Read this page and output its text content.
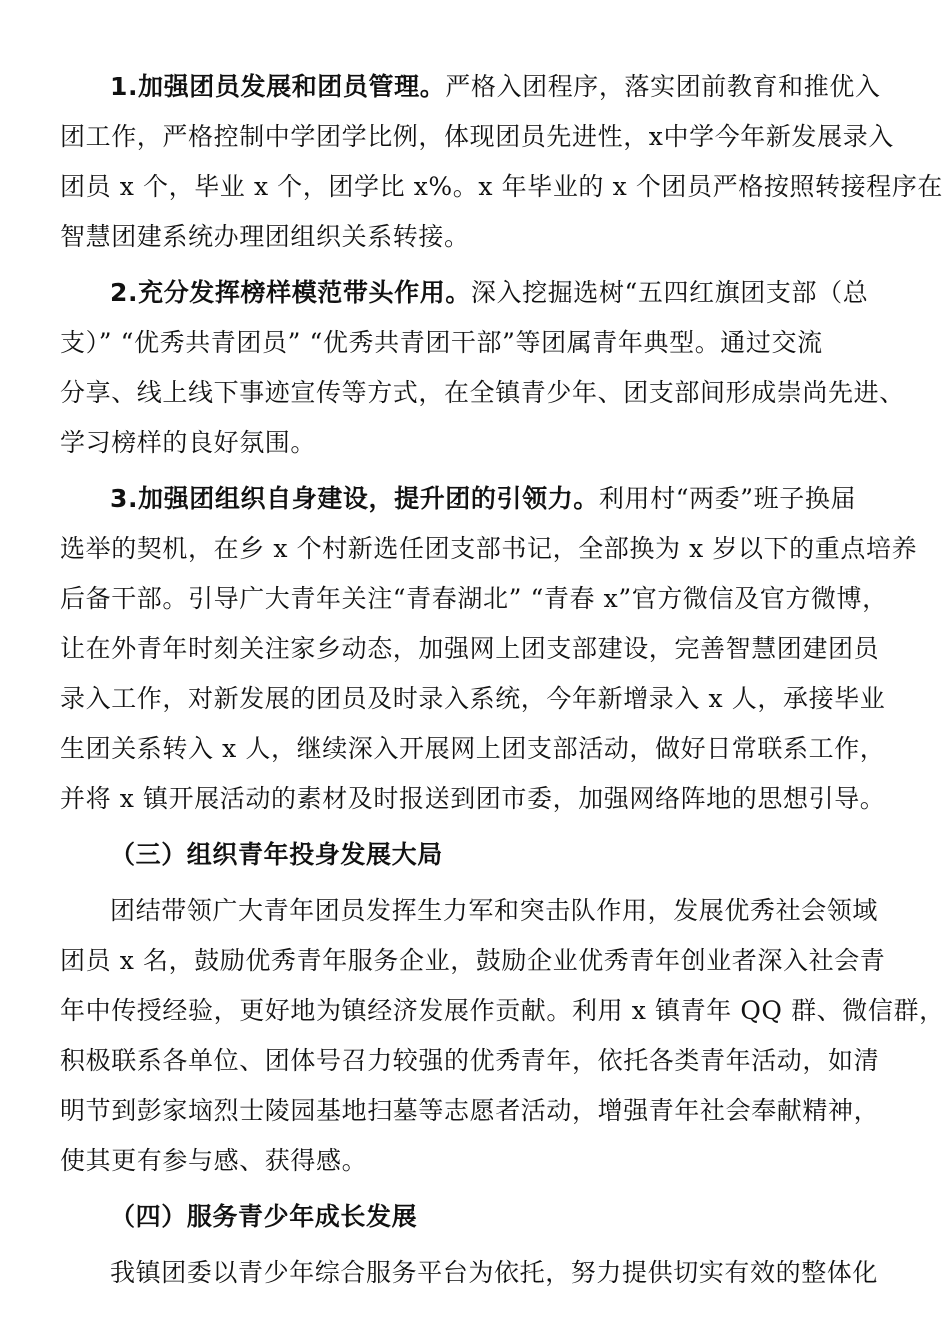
1.加强团员发展和团员管理。严格入团程序，落实团前教育和推优入
团工作，严格控制中学团学比例，体现团员先进性，x中学今年新发展录入
团员 x 个，毕业 x 个，团学比 x%。x 年毕业的 x 个团员严格按照转接程序在
智慧团建系统办理团组织关系转接。
2.充分发挥榜样模范带头作用。深入挖掘选树“五四红旗团支部（总
支）” “优秀共青团员” “优秀共青团干部”等团属青年典型。通过交流
分享、线上线下事迹宣传等方式，在全镇青少年、团支部间形成崇尚先进、
学习榜样的良好氛围。
3.加强团组织自身建设，提升团的引领力。利用村“两委”班子换届
选举的契机，在乡 x 个村新选任团支部书记，全部换为 x 岁以下的重点培养
后备干部。引导广大青年关注“青春湖北” “青春 x”官方微信及官方微博，
让在外青年时刻关注家乡动态，加强网上团支部建设，完善智慧团建团员
录入工作，对新发展的团员及时录入系统，今年新增录入 x 人，承接毕业
生团关系转入 x 人，继续深入开展网上团支部活动，做好日常联系工作，
并将 x 镇开展活动的素材及时报送到团市委，加强网络阵地的思想引导。
（三）组织青年投身发展大局
团结带领广大青年团员发挥生力军和突击队作用，发展优秀社会领域
团员 x 名，鼓励优秀青年服务企业，鼓励企业优秀青年创业者深入社会青
年中传授经验，更好地为镇经济发展作贡献。利用 x 镇青年 QQ 群、微信群，
积极联系各单位、团体号召力较强的优秀青年，依托各类青年活动，如清
明节到彭家垴烈士陵园基地扫墓等志愿者活动，增强青年社会奉献精神，
使其更有参与感、获得感。
（四）服务青少年成长发展
我镇团委以青少年综合服务平台为依托，努力提供切实有效的整体化
